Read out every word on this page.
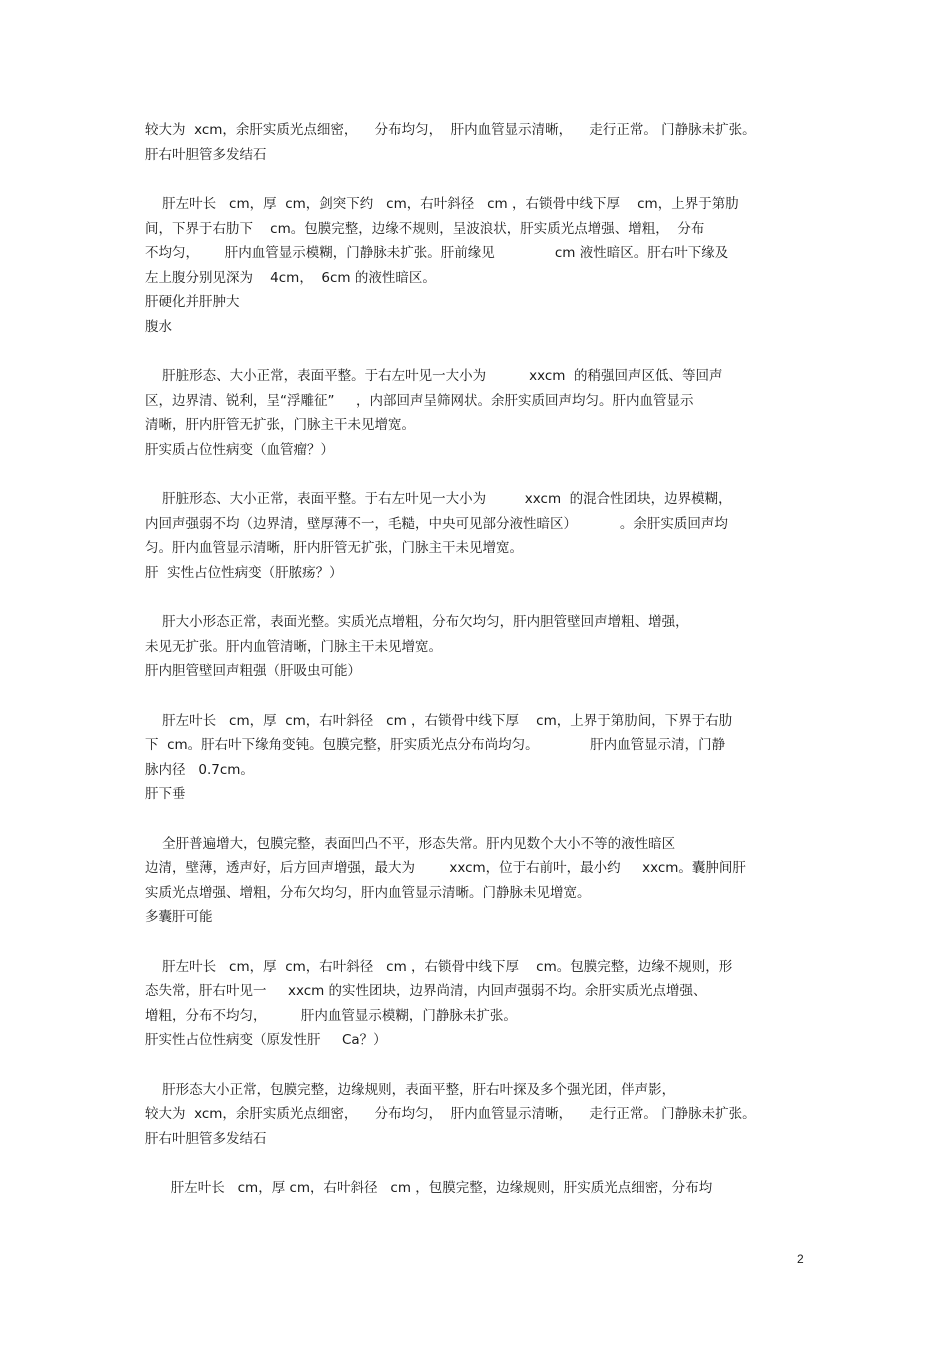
较大为  xcm，余肝实质光点细密，    分布均匀，  肝内血管显示清晰，    走行正常。 门静脉未扩张。
肝右叶胆管多发结石
肝左叶长   cm，厚  cm，剑突下约   cm，右叶斜径   cm ，右锁骨中线下厚    cm，上界于第肋
间，下界于右肋下    cm。包膜完整，边缘不规则，呈波浪状，肝实质光点增强、增粗，  分布
不均匀，      肝内血管显示模糊，门静脉未扩张。肝前缘见              cm 液性暗区。肝右叶下缘及
左上腹分别见深为    4cm，  6cm 的液性暗区。
肝硬化并肝肿大
腹水
肝脏形态、大小正常，表面平整。于右左叶见一大小为          xxcm  的稍强回声区低、等回声
区，边界清、锐利，呈“浮雕征”     ，内部回声呈筛网状。余肝实质回声均匀。肝内血管显示
清晰，肝内肝管无扩张，门脉主干未见增宽。
肝实质占位性病变（血管瘤？）
肝脏形态、大小正常，表面平整。于右左叶见一大小为         xxcm  的混合性团块，边界模糊，
内回声强弱不均（边界清，壁厚薄不一，毛糙，中央可见部分液性暗区）          。余肝实质回声均
匀。肝内血管显示清晰，肝内肝管无扩张，门脉主干未见增宽。
肝  实性占位性病变（肝脓疡？）
肝大小形态正常，表面光整。实质光点增粗，分布欠均匀，肝内胆管壁回声增粗、增强，
未见无扩张。肝内血管清晰，门脉主干未见增宽。
肝内胆管壁回声粗强（肝吸虫可能）
肝左叶长   cm，厚  cm，右叶斜径   cm ，右锁骨中线下厚    cm，上界于第肋间，下界于右肋
下  cm。肝右叶下缘角变钝。包膜完整，肝实质光点分布尚均匀。            肝内血管显示清，门静
脉内径   0.7cm。
肝下垂
全肝普遍增大，包膜完整，表面凹凸不平，形态失常。肝内见数个大小不等的液性暗区
边清，壁薄，透声好，后方回声增强，最大为        xxcm，位于右前叶，最小约     xxcm。囊肿间肝
实质光点增强、增粗，分布欠均匀，肝内血管显示清晰。门静脉未见增宽。
多囊肝可能
肝左叶长   cm，厚  cm，右叶斜径   cm ，右锁骨中线下厚    cm。包膜完整，边缘不规则，形
态失常，肝右叶见一     xxcm 的实性团块，边界尚清，内回声强弱不均。余肝实质光点增强、
增粗，分布不均匀，        肝内血管显示模糊，门静脉未扩张。
肝实性占位性病变（原发性肝     Ca？）
肝形态大小正常，包膜完整，边缘规则，表面平整，肝右叶探及多个强光团，伴声影，
较大为  xcm，余肝实质光点细密，    分布均匀，  肝内血管显示清晰，    走行正常。 门静脉未扩张。
肝右叶胆管多发结石
肝左叶长   cm，厚 cm，右叶斜径   cm ，包膜完整，边缘规则，肝实质光点细密，分布均
2
